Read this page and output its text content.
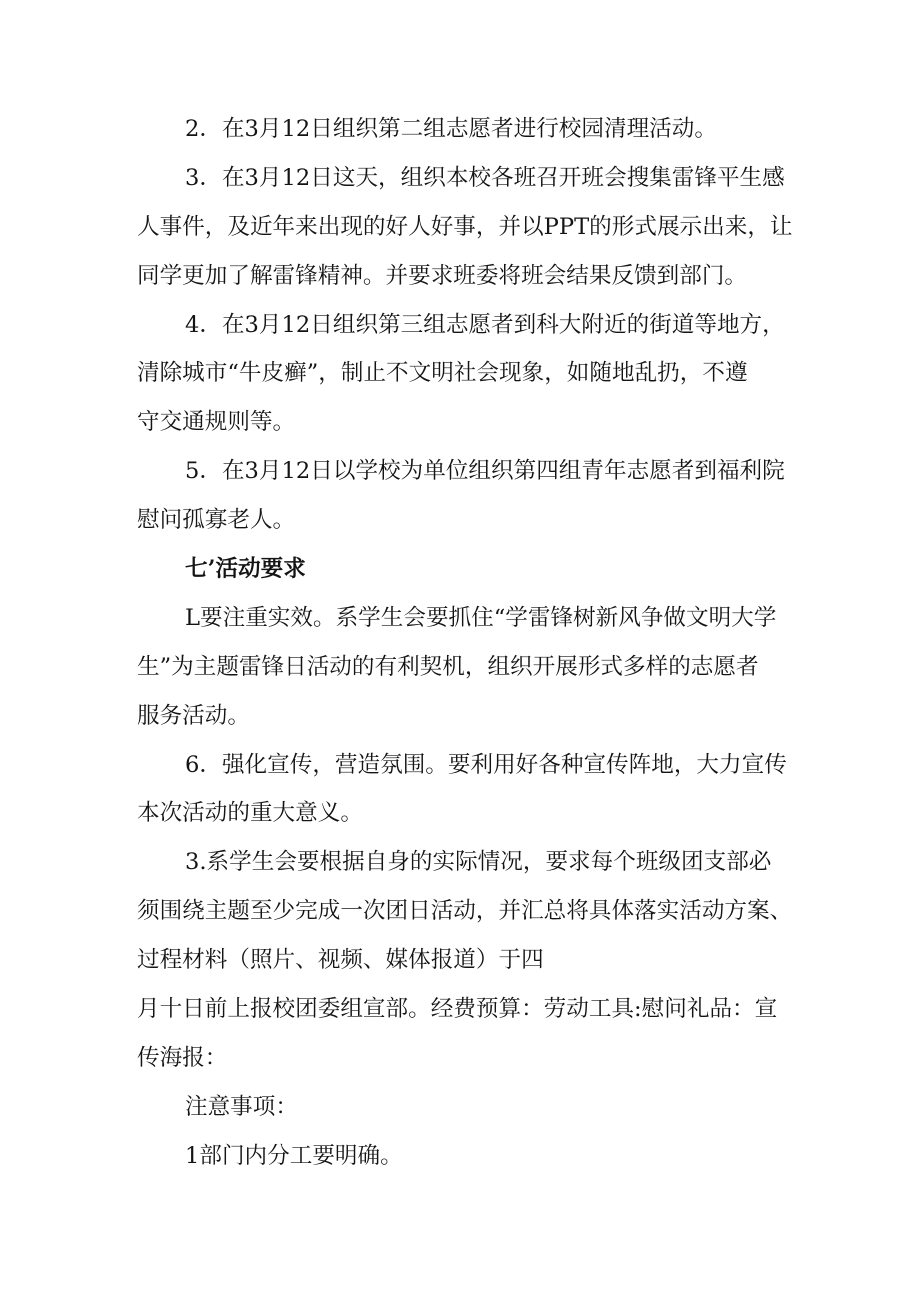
2．在3月12日组织第二组志愿者进行校园清理活动。
3．在3月12日这天，组织本校各班召开班会搜集雷锋平生感
人事件，及近年来出现的好人好事，并以PPT的形式展示出来，让
同学更加了解雷锋精神。并要求班委将班会结果反馈到部门。
4．在3月12日组织第三组志愿者到科大附近的街道等地方，
清除城市“牛皮癣”，制止不文明社会现象，如随地乱扔，不遵
守交通规则等。
5．在3月12日以学校为单位组织第四组青年志愿者到福利院
慰问孤寡老人。
七’活动要求
L要注重实效。系学生会要抓住“学雷锋树新风争做文明大学
生”为主题雷锋日活动的有利契机，组织开展形式多样的志愿者
服务活动。
6．强化宣传，营造氛围。要利用好各种宣传阵地，大力宣传
本次活动的重大意义。
3.系学生会要根据自身的实际情况，要求每个班级团支部必
须围绕主题至少完成一次团日活动，并汇总将具体落实活动方案、
过程材料（照片、视频、媒体报道）于四
月十日前上报校团委组宣部。经费预算：劳动工具:慰问礼品：宣
传海报：
注意事项：
1部门内分工要明确。
